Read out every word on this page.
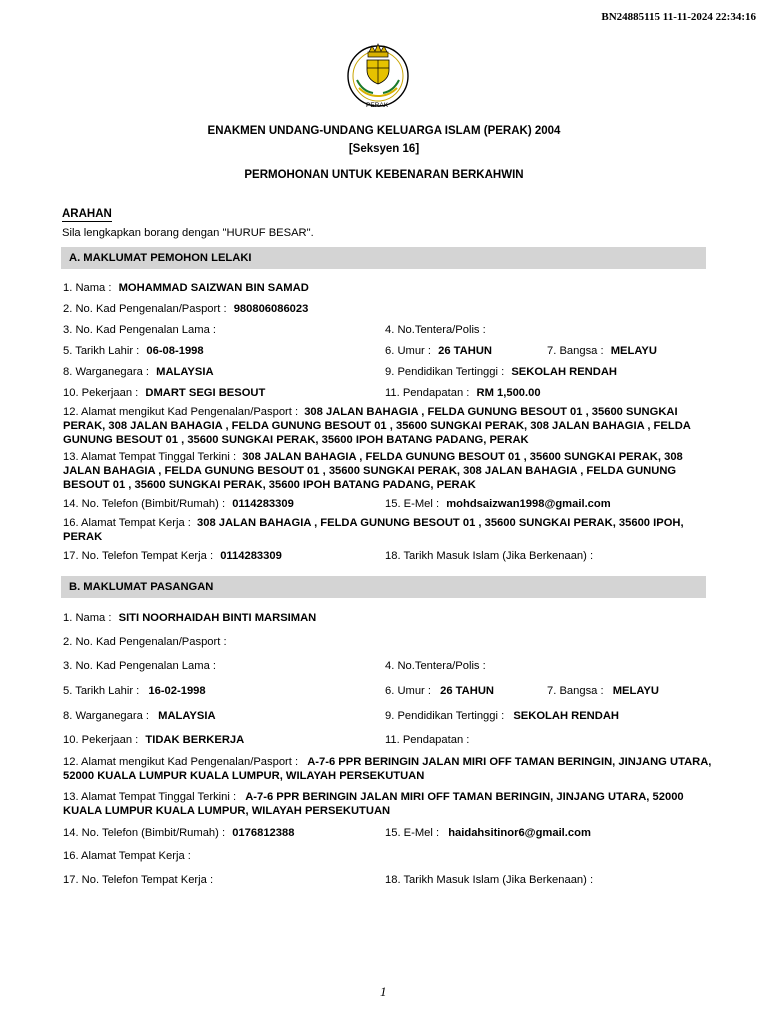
BN24885115 11-11-2024 22:34:16
PERAK
ENAKMEN UNDANG-UNDANG KELUARGA ISLAM (PERAK) 2004
[Seksyen 16]
PERMOHONAN UNTUK KEBENARAN BERKAHWIN
ARAHAN
Sila lengkapkan borang dengan "HURUF BESAR".
A. MAKLUMAT PEMOHON LELAKI
1. Nama : MOHAMMAD SAIZWAN BIN SAMAD
2. No. Kad Pengenalan/Pasport : 980806086023
3. No. Kad Pengenalan Lama :	4. No.Tentera/Polis :
5. Tarikh Lahir : 06-08-1998	6. Umur : 26 TAHUN	7. Bangsa : MELAYU
8. Warganegara : MALAYSIA	9. Pendidikan Tertinggi : SEKOLAH RENDAH
10. Pekerjaan : DMART SEGI BESOUT	11. Pendapatan : RM 1,500.00
12. Alamat mengikut Kad Pengenalan/Pasport : 308 JALAN BAHAGIA , FELDA GUNUNG BESOUT 01 , 35600 SUNGKAI PERAK, 308 JALAN BAHAGIA , FELDA GUNUNG BESOUT 01 , 35600 SUNGKAI PERAK, 308 JALAN BAHAGIA , FELDA GUNUNG BESOUT 01 , 35600 SUNGKAI PERAK, 35600 IPOH BATANG PADANG, PERAK
13. Alamat Tempat Tinggal Terkini : 308 JALAN BAHAGIA , FELDA GUNUNG BESOUT 01 , 35600 SUNGKAI PERAK, 308 JALAN BAHAGIA , FELDA GUNUNG BESOUT 01 , 35600 SUNGKAI PERAK, 308 JALAN BAHAGIA , FELDA GUNUNG BESOUT 01 , 35600 SUNGKAI PERAK, 35600 IPOH BATANG PADANG, PERAK
14. No. Telefon (Bimbit/Rumah) : 0114283309	15. E-Mel : mohdsaizwan1998@gmail.com
16. Alamat Tempat Kerja : 308 JALAN BAHAGIA , FELDA GUNUNG BESOUT 01 , 35600 SUNGKAI PERAK, 35600 IPOH, PERAK
17. No. Telefon Tempat Kerja : 0114283309	18. Tarikh Masuk Islam (Jika Berkenaan) :
B. MAKLUMAT PASANGAN
1. Nama : SITI NOORHAIDAH BINTI MARSIMAN
2. No. Kad Pengenalan/Pasport :
3. No. Kad Pengenalan Lama :	4. No.Tentera/Polis :
5. Tarikh Lahir : 16-02-1998	6. Umur : 26 TAHUN	7. Bangsa : MELAYU
8. Warganegara : MALAYSIA	9. Pendidikan Tertinggi : SEKOLAH RENDAH
10. Pekerjaan : TIDAK BERKERJA	11. Pendapatan :
12. Alamat mengikut Kad Pengenalan/Pasport : A-7-6 PPR BERINGIN JALAN MIRI OFF TAMAN BERINGIN, JINJANG UTARA, 52000 KUALA LUMPUR KUALA LUMPUR, WILAYAH PERSEKUTUAN
13. Alamat Tempat Tinggal Terkini : A-7-6 PPR BERINGIN JALAN MIRI OFF TAMAN BERINGIN, JINJANG UTARA, 52000 KUALA LUMPUR KUALA LUMPUR, WILAYAH PERSEKUTUAN
14. No. Telefon (Bimbit/Rumah) : 0176812388	15. E-Mel : haidahsitinor6@gmail.com
16. Alamat Tempat Kerja :
17. No. Telefon Tempat Kerja :	18. Tarikh Masuk Islam (Jika Berkenaan) :
1
